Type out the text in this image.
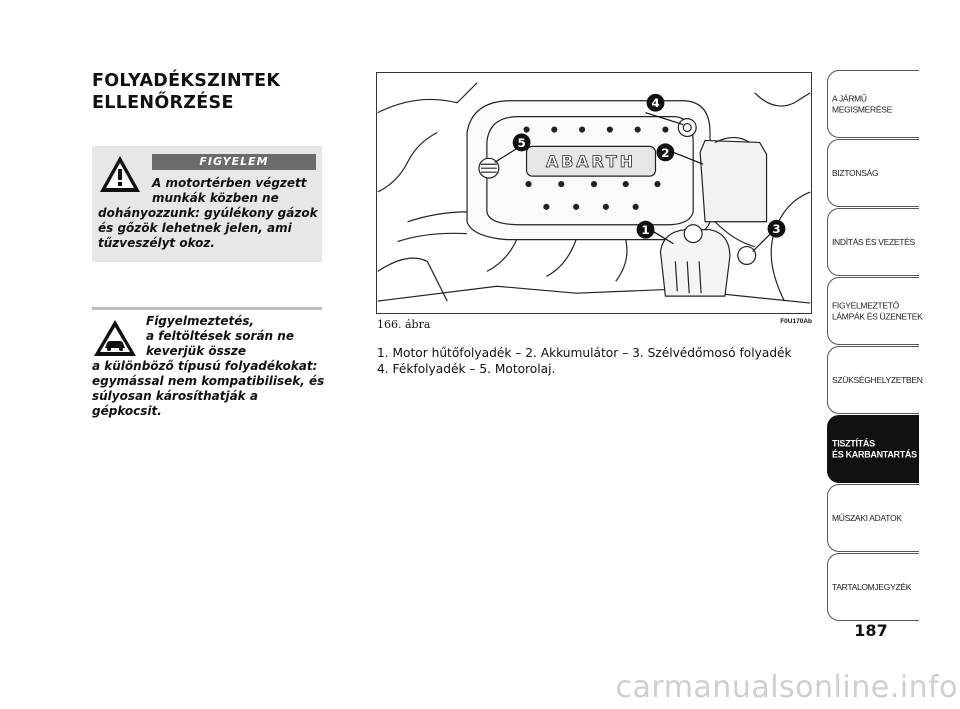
FOLYADÉKSZINTEK
ELLENŐRZÉSE
FIGYELEM

A motortérben végzett
munkák közben ne
dohányozzunk: gyúlékony gázok és gőzök lehetnek jelen, ami tűzveszélyt okoz.

Figyelmeztetés,
a feltöltések során ne
keverjük össze
a különböző típusú folyadékokat: egymással nem kompatibilisek, és súlyosan károsíthatják a gépkocsit.

ABARTH
4
2
5
1	3
166. ábra	F0U170Ab

1. Motor hűtőfolyadék – 2. Akkumulátor – 3. Szélvédőmosó folyadék
4. Fékfolyadék – 5. Motorolaj.

A JÁRMŰ
MEGISMERÉSE
BIZTONSÁG
INDÍTÁS ÉS VEZETÉS
FIGYELMEZTETŐ
LÁMPÁK ÉS ÜZENETEK
SZÜKSÉGHELYZETBEN
TISZTÍTÁS
ÉS KARBANTARTÁS
MŰSZAKI ADATOK
TARTALOMJEGYZÉK
187
carmanualsonline.info
